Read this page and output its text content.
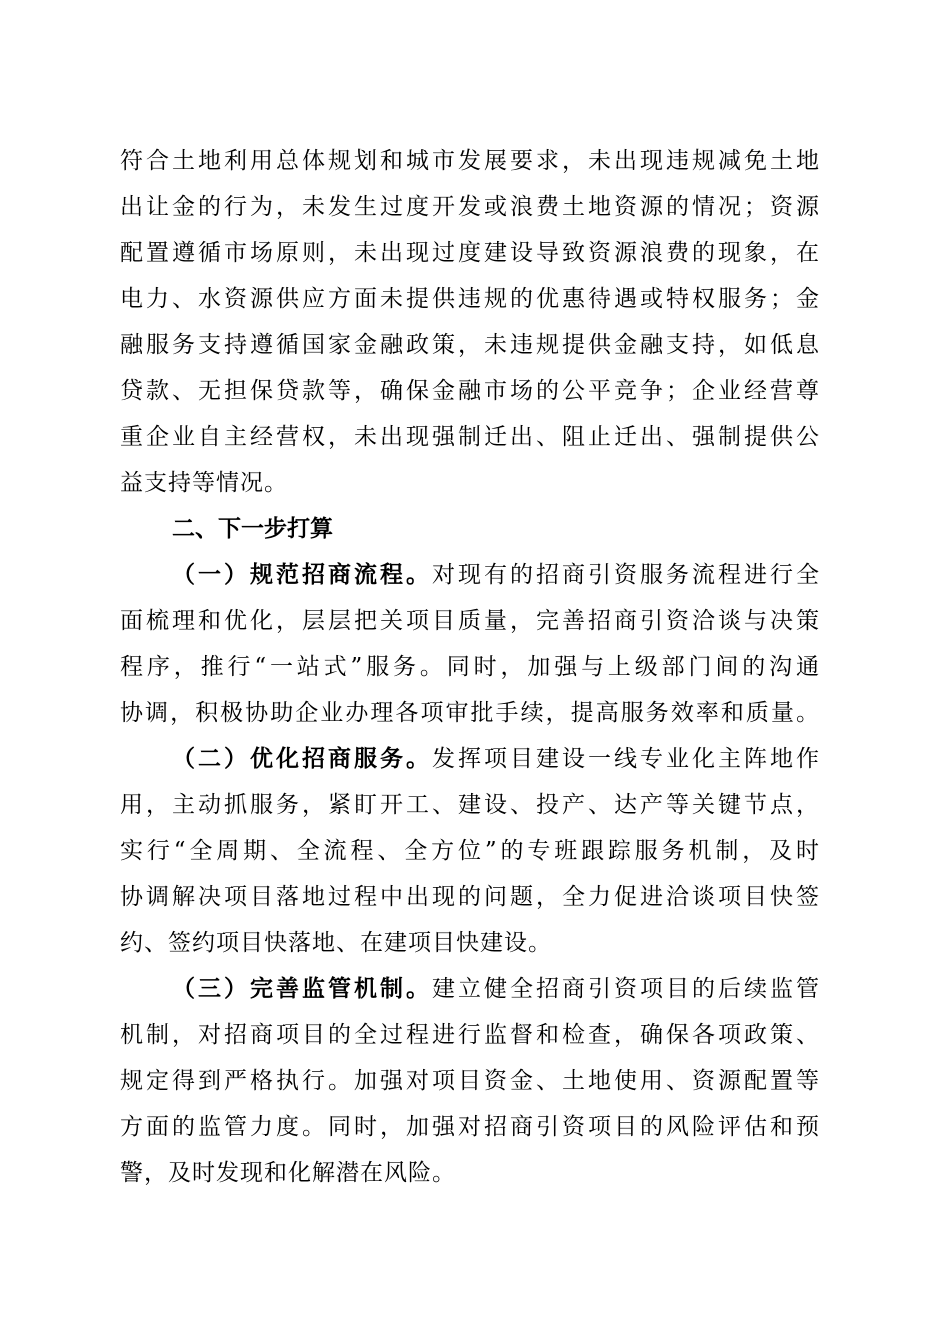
符合土地利用总体规划和城市发展要求，未出现违规减免土地
出让金的行为，未发生过度开发或浪费土地资源的情况；资源
配置遵循市场原则，未出现过度建设导致资源浪费的现象，在
电力、水资源供应方面未提供违规的优惠待遇或特权服务；金
融服务支持遵循国家金融政策，未违规提供金融支持，如低息
贷款、无担保贷款等，确保金融市场的公平竞争；企业经营尊
重企业自主经营权，未出现强制迁出、阻止迁出、强制提供公
益支持等情况。
二、下一步打算
（一）规范招商流程。对现有的招商引资服务流程进行全
面梳理和优化，层层把关项目质量，完善招商引资洽谈与决策
程序，推行“一站式”服务。同时，加强与上级部门间的沟通
协调，积极协助企业办理各项审批手续，提高服务效率和质量。
（二）优化招商服务。发挥项目建设一线专业化主阵地作
用，主动抓服务，紧盯开工、建设、投产、达产等关键节点，
实行“全周期、全流程、全方位”的专班跟踪服务机制，及时
协调解决项目落地过程中出现的问题，全力促进洽谈项目快签
约、签约项目快落地、在建项目快建设。
（三）完善监管机制。建立健全招商引资项目的后续监管
机制，对招商项目的全过程进行监督和检查，确保各项政策、
规定得到严格执行。加强对项目资金、土地使用、资源配置等
方面的监管力度。同时，加强对招商引资项目的风险评估和预
警，及时发现和化解潜在风险。
